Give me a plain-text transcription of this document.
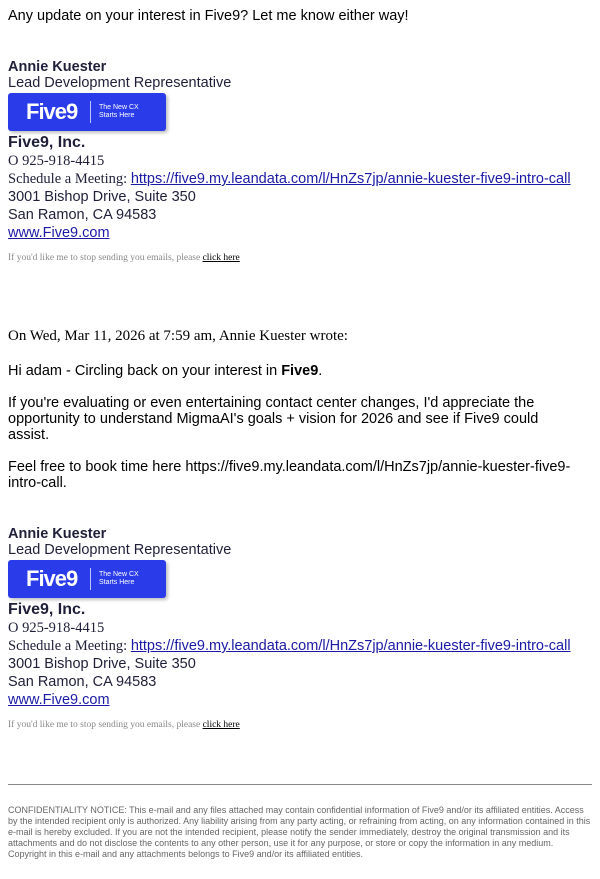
Any update on your interest in Five9? Let me know either way!
Annie Kuester
Lead Development Representative
Five9	The New CX
Starts Here
Five9, Inc.
O 925-918-4415
Schedule a Meeting: https://five9.my.leandata.com/l/HnZs7jp/annie-kuester-five9-intro-call
3001 Bishop Drive, Suite 350
San Ramon, CA 94583
www.Five9.com
If you'd like me to stop sending you emails, please click here
On Wed, Mar 11, 2026 at 7:59 am, Annie Kuester wrote:
Hi adam - Circling back on your interest in Five9.
If you're evaluating or even entertaining contact center changes, I'd appreciate the opportunity to understand MigmaAI's goals + vision for 2026 and see if Five9 could assist.
Feel free to book time here https://five9.my.leandata.com/l/HnZs7jp/annie-kuester-five9-intro-call.
Annie Kuester
Lead Development Representative
Five9	The New CX
Starts Here
Five9, Inc.
O 925-918-4415
Schedule a Meeting: https://five9.my.leandata.com/l/HnZs7jp/annie-kuester-five9-intro-call
3001 Bishop Drive, Suite 350
San Ramon, CA 94583
www.Five9.com
If you'd like me to stop sending you emails, please click here
CONFIDENTIALITY NOTICE: This e-mail and any files attached may contain confidential information of Five9 and/or its affiliated entities. Access by the intended recipient only is authorized. Any liability arising from any party acting, or refraining from acting, on any information contained in this e-mail is hereby excluded. If you are not the intended recipient, please notify the sender immediately, destroy the original transmission and its attachments and do not disclose the contents to any other person, use it for any purpose, or store or copy the information in any medium. Copyright in this e-mail and any attachments belongs to Five9 and/or its affiliated entities.
